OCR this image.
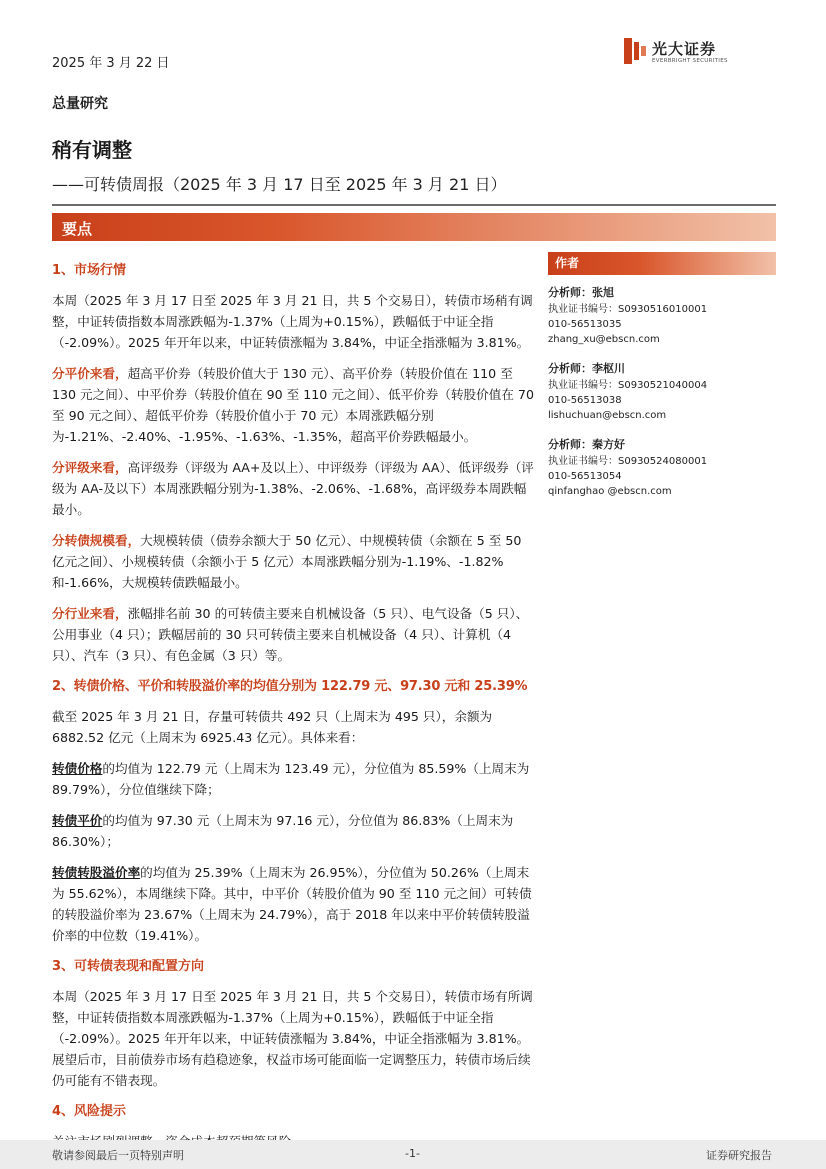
2025 年 3 月 22 日
光大证券
EVERBRIGHT SECURITIES
总量研究
稍有调整
——可转债周报（2025 年 3 月 17 日至 2025 年 3 月 21 日）
要点

1、市场行情

本周（2025 年 3 月 17 日至 2025 年 3 月 21 日，共 5 个交易日），转债市场稍有调整，中证转债指数本周涨跌幅为-1.37%（上周为+0.15%），跌幅低于中证全指（-2.09%）。2025 年开年以来，中证转债涨幅为 3.84%，中证全指涨幅为 3.81%。

分平价来看，超高平价券（转股价值大于 130 元）、高平价券（转股价值在 110 至 130 元之间）、中平价券（转股价值在 90 至 110 元之间）、低平价券（转股价值在 70 至 90 元之间）、超低平价券（转股价值小于 70 元）本周涨跌幅分别为-1.21%、-2.40%、-1.95%、-1.63%、-1.35%，超高平价券跌幅最小。

分评级来看，高评级券（评级为 AA+及以上）、中评级券（评级为 AA）、低评级券（评级为 AA-及以下）本周涨跌幅分别为-1.38%、-2.06%、-1.68%，高评级券本周跌幅最小。

分转债规模看，大规模转债（债券余额大于 50 亿元）、中规模转债（余额在 5 至 50 亿元之间）、小规模转债（余额小于 5 亿元）本周涨跌幅分别为-1.19%、-1.82%和-1.66%，大规模转债跌幅最小。

分行业来看，涨幅排名前 30 的可转债主要来自机械设备（5 只）、电气设备（5 只）、公用事业（4 只）；跌幅居前的 30 只可转债主要来自机械设备（4 只）、计算机（4 只）、汽车（3 只）、有色金属（3 只）等。

2、转债价格、平价和转股溢价率的均值分别为 122.79 元、97.30 元和 25.39%

截至 2025 年 3 月 21 日，存量可转债共 492 只（上周末为 495 只），余额为 6882.52 亿元（上周末为 6925.43 亿元）。具体来看：

转债价格的均值为 122.79 元（上周末为 123.49 元），分位值为 85.59%（上周末为 89.79%），分位值继续下降；

转债平价的均值为 97.30 元（上周末为 97.16 元），分位值为 86.83%（上周末为 86.30%）；

转债转股溢价率的均值为 25.39%（上周末为 26.95%），分位值为 50.26%（上周末为 55.62%），本周继续下降。其中，中平价（转股价值为 90 至 110 元之间）可转债的转股溢价率为 23.67%（上周末为 24.79%），高于 2018 年以来中平价转债转股溢价率的中位数（19.41%）。

3、可转债表现和配置方向

本周（2025 年 3 月 17 日至 2025 年 3 月 21 日，共 5 个交易日），转债市场有所调整，中证转债指数本周涨跌幅为-1.37%（上周为+0.15%），跌幅低于中证全指（-2.09%）。2025 年开年以来，中证转债涨幅为 3.84%，中证全指涨幅为 3.81%。展望后市，目前债券市场有趋稳迹象，权益市场可能面临一定调整压力，转债市场后续仍可能有不错表现。

4、风险提示

作者
分析师：张旭
执业证书编号：S0930516010001
010-56513035
zhang_xu@ebscn.com
分析师：李枢川
执业证书编号：S0930521040004
010-56513038
lishuchuan@ebscn.com
分析师：秦方好
执业证书编号：S0930524080001
010-56513054
qinfanghao @ebscn.com
敬请参阅最后一页特别声明	-1-	证券研究报告
